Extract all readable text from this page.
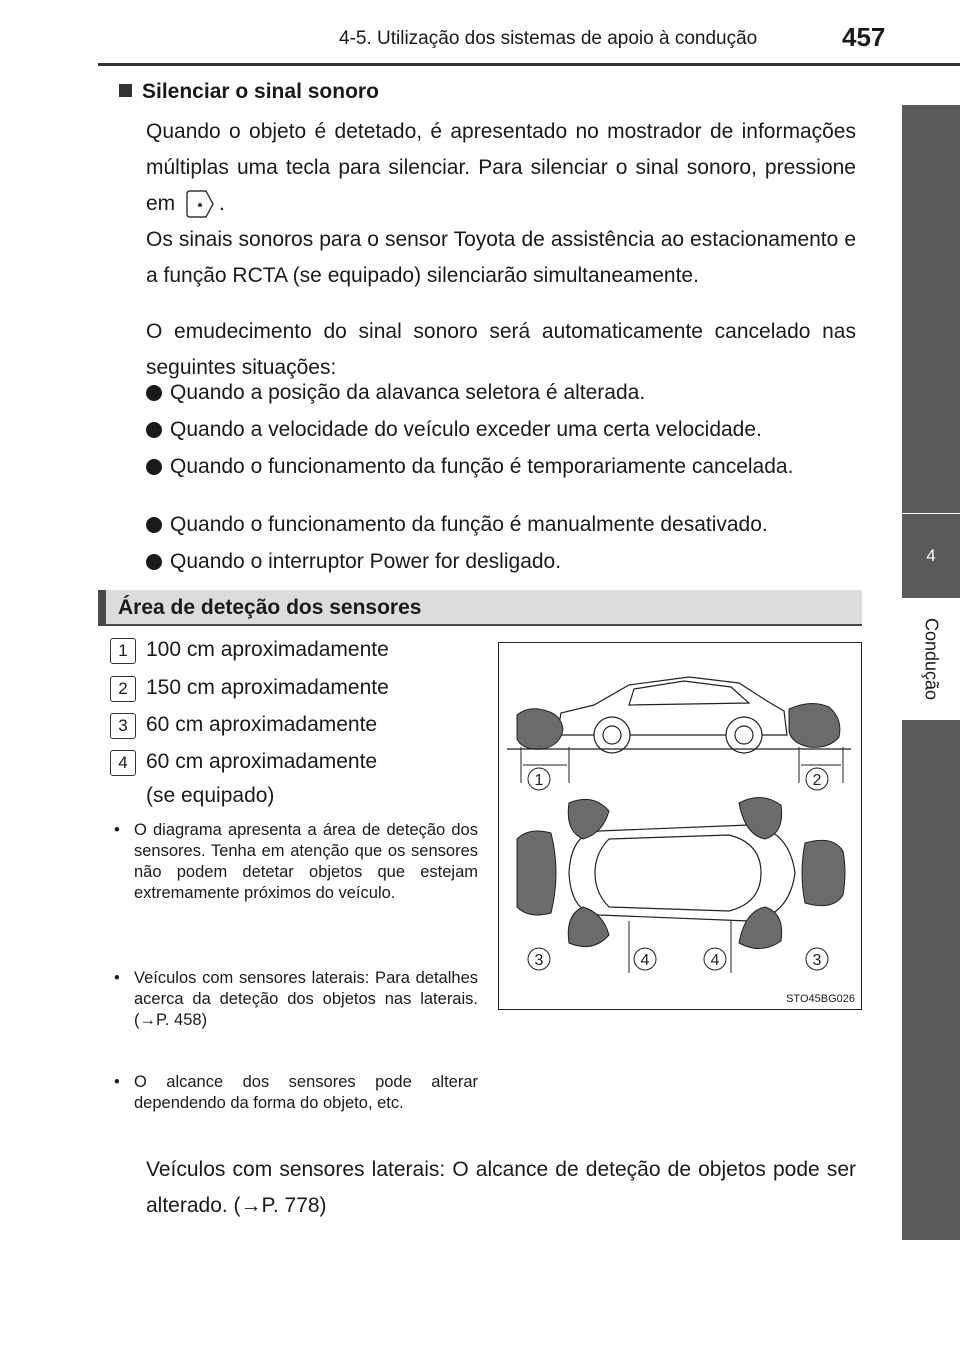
4-5. Utilização dos sistemas de apoio à condução	457
4
Condução
Silenciar o sinal sonoro
Quando o objeto é detetado, é apresentado no mostrador de informações múltiplas uma tecla para silenciar. Para silenciar o sinal sonoro, pressione em .
Os sinais sonoros para o sensor Toyota de assistência ao estacionamento e a função RCTA (se equipado) silenciarão simultaneamente.
O emudecimento do sinal sonoro será automaticamente cancelado nas seguintes situações:
Quando a posição da alavanca seletora é alterada.
Quando a velocidade do veículo exceder uma certa velocidade.
Quando o funcionamento da função é temporariamente cancelada.
Quando o funcionamento da função é manualmente desativado.
Quando o interruptor Power for desligado.
Área de deteção dos sensores
1 100 cm aproximadamente
2 150 cm aproximadamente
3 60 cm aproximadamente
4 60 cm aproximadamente
(se equipado)
• O diagrama apresenta a área de deteção dos sensores. Tenha em atenção que os sensores não podem detetar objetos que estejam extremamente próximos do veículo.
• Veículos com sensores laterais: Para detalhes acerca da deteção dos objetos nas laterais. (→P. 458)
• O alcance dos sensores pode alterar dependendo da forma do objeto, etc.
1	2
3	4	4	3
STO45BG026
Veículos com sensores laterais: O alcance de deteção de objetos pode ser alterado. (→P. 778)
